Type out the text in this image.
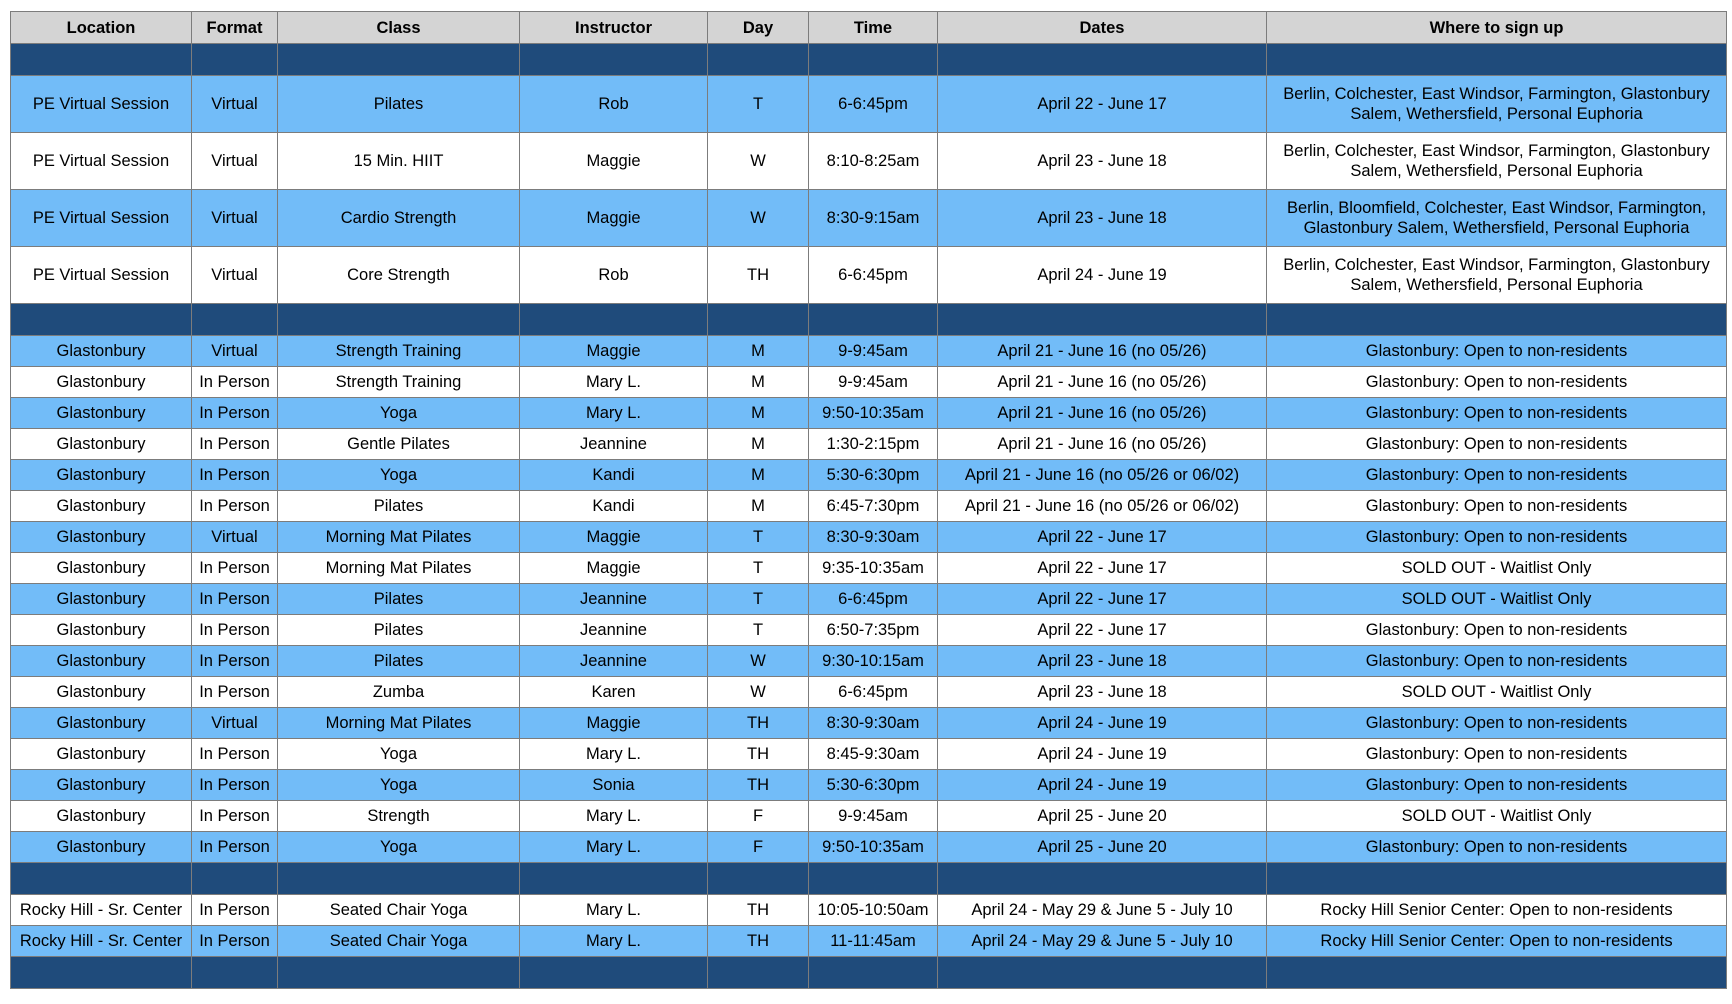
Location	Format	Class	Instructor	Day	Time	Dates	Where to sign up

PE Virtual Session	Virtual	Pilates	Rob	T	6-6:45pm	April 22 - June 17	Berlin, Colchester, East Windsor, Farmington, Glastonbury Salem, Wethersfield, Personal Euphoria
PE Virtual Session	Virtual	15 Min. HIIT	Maggie	W	8:10-8:25am	April 23 - June 18	Berlin, Colchester, East Windsor, Farmington, Glastonbury Salem, Wethersfield, Personal Euphoria
PE Virtual Session	Virtual	Cardio Strength	Maggie	W	8:30-9:15am	April 23 - June 18	Berlin, Bloomfield, Colchester, East Windsor, Farmington, Glastonbury Salem, Wethersfield, Personal Euphoria
PE Virtual Session	Virtual	Core Strength	Rob	TH	6-6:45pm	April 24 - June 19	Berlin, Colchester, East Windsor, Farmington, Glastonbury Salem, Wethersfield, Personal Euphoria

Glastonbury	Virtual	Strength Training	Maggie	M	9-9:45am	April 21 - June 16 (no 05/26)	Glastonbury: Open to non-residents
Glastonbury	In Person	Strength Training	Mary L.	M	9-9:45am	April 21 - June 16 (no 05/26)	Glastonbury: Open to non-residents
Glastonbury	In Person	Yoga	Mary L.	M	9:50-10:35am	April 21 - June 16 (no 05/26)	Glastonbury: Open to non-residents
Glastonbury	In Person	Gentle Pilates	Jeannine	M	1:30-2:15pm	April 21 - June 16 (no 05/26)	Glastonbury: Open to non-residents
Glastonbury	In Person	Yoga	Kandi	M	5:30-6:30pm	April 21 - June 16 (no 05/26 or 06/02)	Glastonbury: Open to non-residents
Glastonbury	In Person	Pilates	Kandi	M	6:45-7:30pm	April 21 - June 16 (no 05/26 or 06/02)	Glastonbury: Open to non-residents
Glastonbury	Virtual	Morning Mat Pilates	Maggie	T	8:30-9:30am	April 22 - June 17	Glastonbury: Open to non-residents
Glastonbury	In Person	Morning Mat Pilates	Maggie	T	9:35-10:35am	April 22 - June 17	SOLD OUT - Waitlist Only
Glastonbury	In Person	Pilates	Jeannine	T	6-6:45pm	April 22 - June 17	SOLD OUT - Waitlist Only
Glastonbury	In Person	Pilates	Jeannine	T	6:50-7:35pm	April 22 - June 17	Glastonbury: Open to non-residents
Glastonbury	In Person	Pilates	Jeannine	W	9:30-10:15am	April 23 - June 18	Glastonbury: Open to non-residents
Glastonbury	In Person	Zumba	Karen	W	6-6:45pm	April 23 - June 18	SOLD OUT - Waitlist Only
Glastonbury	Virtual	Morning Mat Pilates	Maggie	TH	8:30-9:30am	April 24 - June 19	Glastonbury: Open to non-residents
Glastonbury	In Person	Yoga	Mary L.	TH	8:45-9:30am	April 24 - June 19	Glastonbury: Open to non-residents
Glastonbury	In Person	Yoga	Sonia	TH	5:30-6:30pm	April 24 - June 19	Glastonbury: Open to non-residents
Glastonbury	In Person	Strength	Mary L.	F	9-9:45am	April 25 - June 20	SOLD OUT - Waitlist Only
Glastonbury	In Person	Yoga	Mary L.	F	9:50-10:35am	April 25 - June 20	Glastonbury: Open to non-residents

Rocky Hill - Sr. Center	In Person	Seated Chair Yoga	Mary L.	TH	10:05-10:50am	April 24 - May 29 & June 5 - July 10	Rocky Hill Senior Center: Open to non-residents
Rocky Hill - Sr. Center	In Person	Seated Chair Yoga	Mary L.	TH	11-11:45am	April 24 - May 29 & June 5 - July 10	Rocky Hill Senior Center: Open to non-residents
